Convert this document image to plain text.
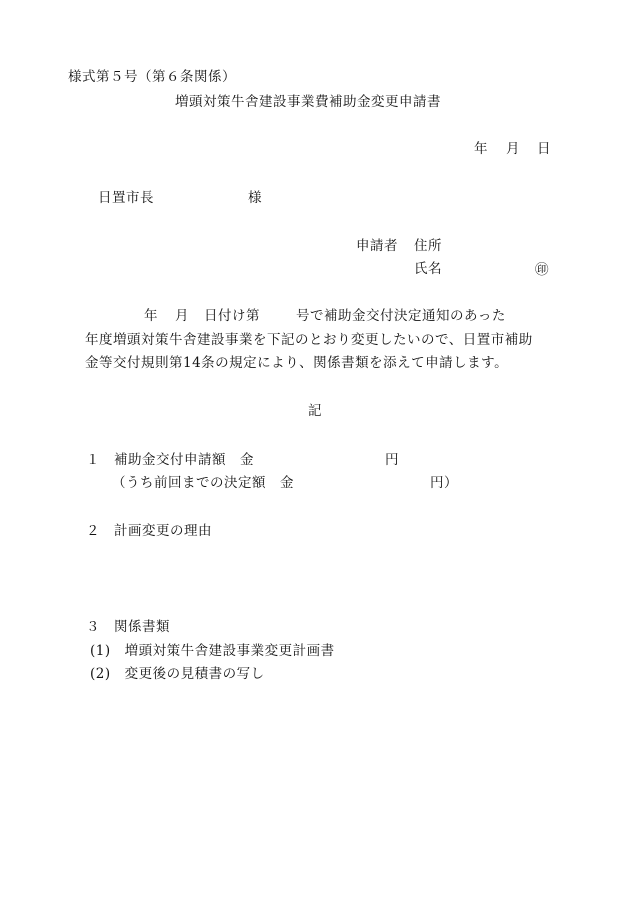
様式第５号（第６条関係）
増頭対策牛舎建設事業費補助金変更申請書
年 月 日
日置市長	様
申請者 住所
氏名	㊞
年 月 日付け第	号で補助金交付決定通知のあった
年度増頭対策牛舎建設事業を下記のとおり変更したいので、日置市補助
金等交付規則第14条の規定により、関係書類を添えて申請します。
記
１　補助金交付申請額　金	円
（うち前回までの決定額　金	円）
２　計画変更の理由
３　関係書類
(1)　増頭対策牛舎建設事業変更計画書
(2)　変更後の見積書の写し
